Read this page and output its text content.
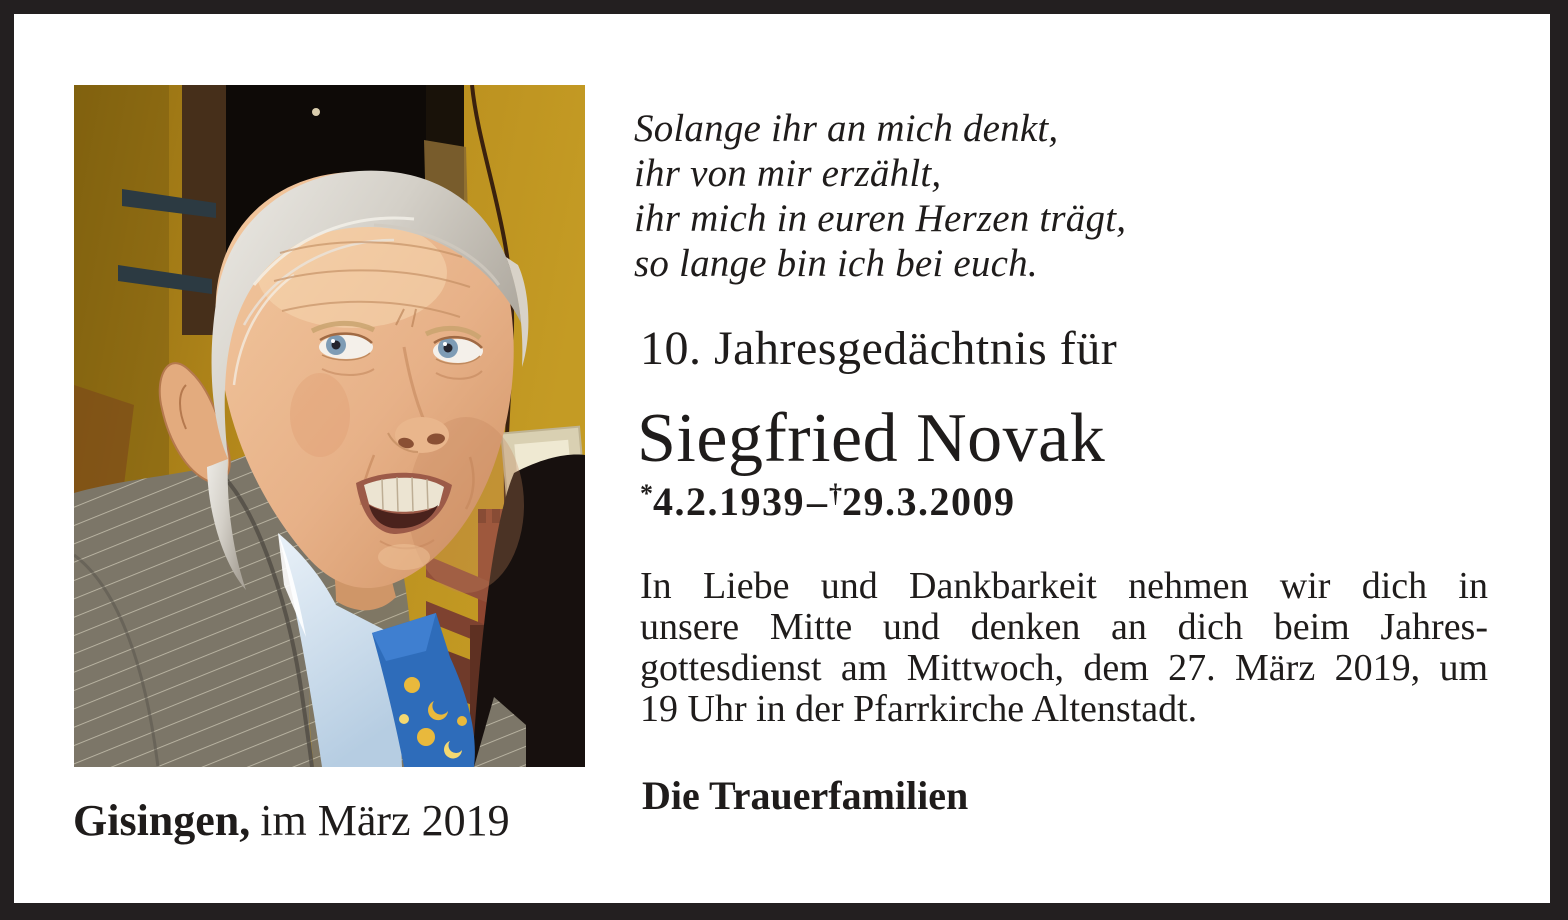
Solange ihr an mich denkt,
ihr von mir erzählt,
ihr mich in euren Herzen trägt,
so lange bin ich bei euch.
10. Jahresgedächtnis für
Siegfried Novak
*4.2.1939–†29.3.2009
In Liebe und Dankbarkeit nehmen wir dich in
unsere Mitte und denken an dich beim Jahres-
gottesdienst am Mittwoch, dem 27. März 2019, um
19 Uhr in der Pfarrkirche Altenstadt.
Die Trauerfamilien
Gisingen, im März 2019
